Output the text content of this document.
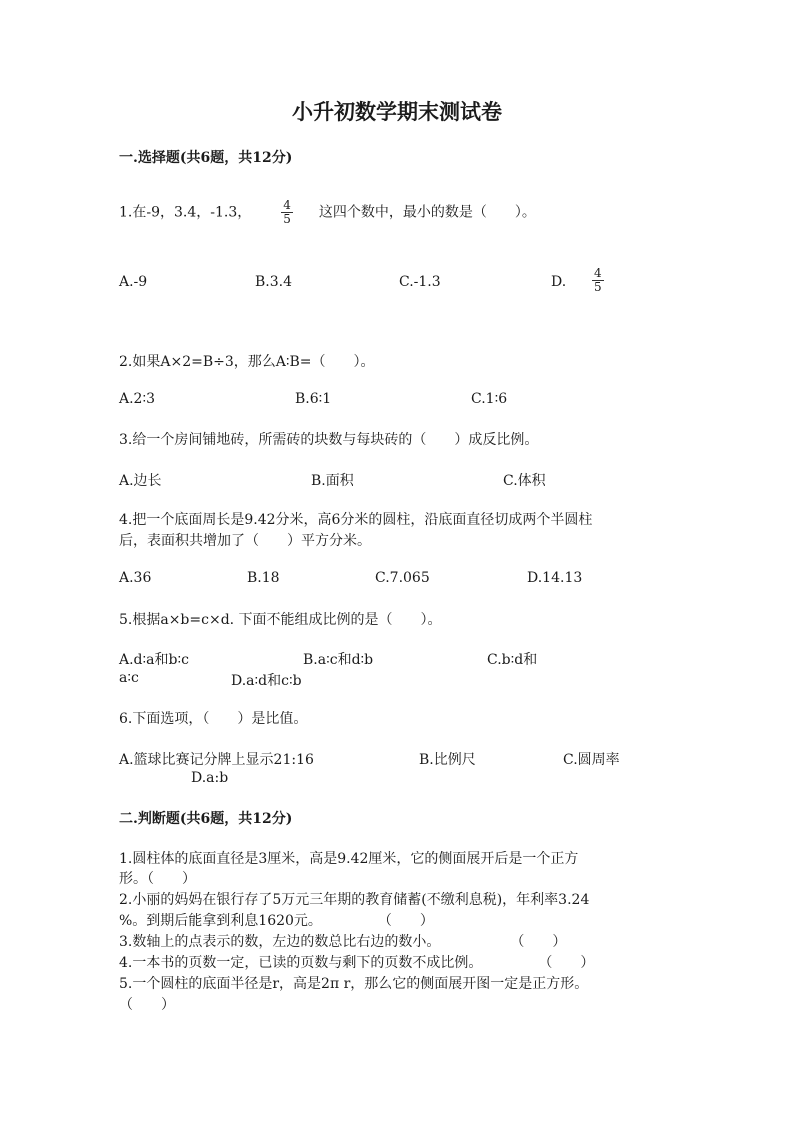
小升初数学期末测试卷
一.选择题(共6题，共12分)
1.在-9，3.4，-1.3，	$\frac{4}{5}$ 这四个数中，最小的数是（　　）。
A.-9	B.3.4	C.-1.3	D. $\frac{4}{5}$
2.如果A×2=B÷3，那么A∶B=（　　）。
A.2∶3	B.6∶1	C.1∶6
3.给一个房间铺地砖，所需砖的块数与每块砖的（　　）成反比例。
A.边长	B.面积	C.体积
4.把一个底面周长是9.42分米，高6分米的圆柱，沿底面直径切成两个半圆柱
后，表面积共增加了（　　）平方分米。
A.36	B.18	C.7.065	D.14.13
5.根据a×b=c×d. 下面不能组成比例的是（　　）。
A.d∶a和b∶c	B.a∶c和d∶b	C.b∶d和
a∶c	D.a∶d和c∶b
6.下面选项，（　　）是比值。
A.篮球比赛记分牌上显示21:16	B.比例尺	C.圆周率
D.a:b
二.判断题(共6题，共12分)
1.圆柱体的底面直径是3厘米，高是9.42厘米，它的侧面展开后是一个正方
形。（　　）
2.小丽的妈妈在银行存了5万元三年期的教育储蓄(不缴利息税)，年利率3.24
%。到期后能拿到利息1620元。　　　　　（　　）
3.数轴上的点表示的数，左边的数总比右边的数小。　　　　　　（　　）
4.一本书的页数一定，已读的页数与剩下的页数不成比例。　　　　　（　　）
5.一个圆柱的底面半径是r，高是2π r，那么它的侧面展开图一定是正方形。
（　　）
